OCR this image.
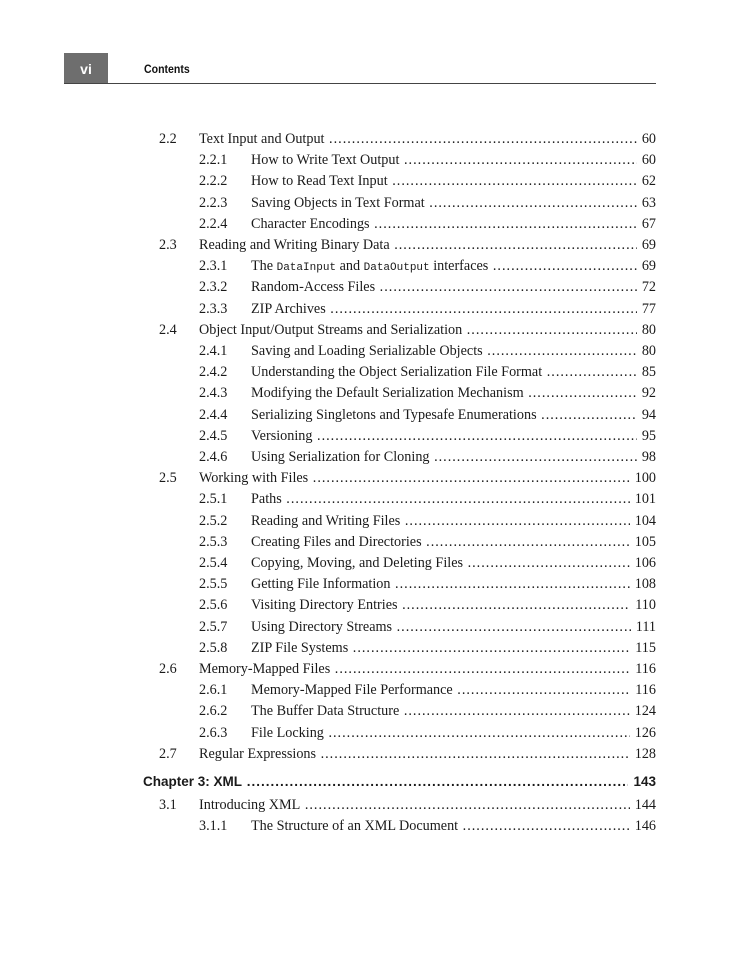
vi	Contents
2.2 Text Input and Output .....	60
2.2.1 How to Write Text Output .....	60
2.2.2 How to Read Text Input .....	62
2.2.3 Saving Objects in Text Format .....	63
2.2.4 Character Encodings .....	67
2.3 Reading and Writing Binary Data .....	69
2.3.1 The DataInput and DataOutput interfaces .....	69
2.3.2 Random-Access Files .....	72
2.3.3 ZIP Archives .....	77
2.4 Object Input/Output Streams and Serialization .....	80
2.4.1 Saving and Loading Serializable Objects .....	80
2.4.2 Understanding the Object Serialization File Format .....	85
2.4.3 Modifying the Default Serialization Mechanism .....	92
2.4.4 Serializing Singletons and Typesafe Enumerations .....	94
2.4.5 Versioning .....	95
2.4.6 Using Serialization for Cloning .....	98
2.5 Working with Files .....	100
2.5.1 Paths .....	101
2.5.2 Reading and Writing Files .....	104
2.5.3 Creating Files and Directories .....	105
2.5.4 Copying, Moving, and Deleting Files .....	106
2.5.5 Getting File Information .....	108
2.5.6 Visiting Directory Entries .....	110
2.5.7 Using Directory Streams .....	111
2.5.8 ZIP File Systems .....	115
2.6 Memory-Mapped Files .....	116
2.6.1 Memory-Mapped File Performance .....	116
2.6.2 The Buffer Data Structure .....	124
2.6.3 File Locking .....	126
2.7 Regular Expressions .....	128
Chapter 3: XML .....	143
3.1 Introducing XML .....	144
3.1.1 The Structure of an XML Document .....	146
